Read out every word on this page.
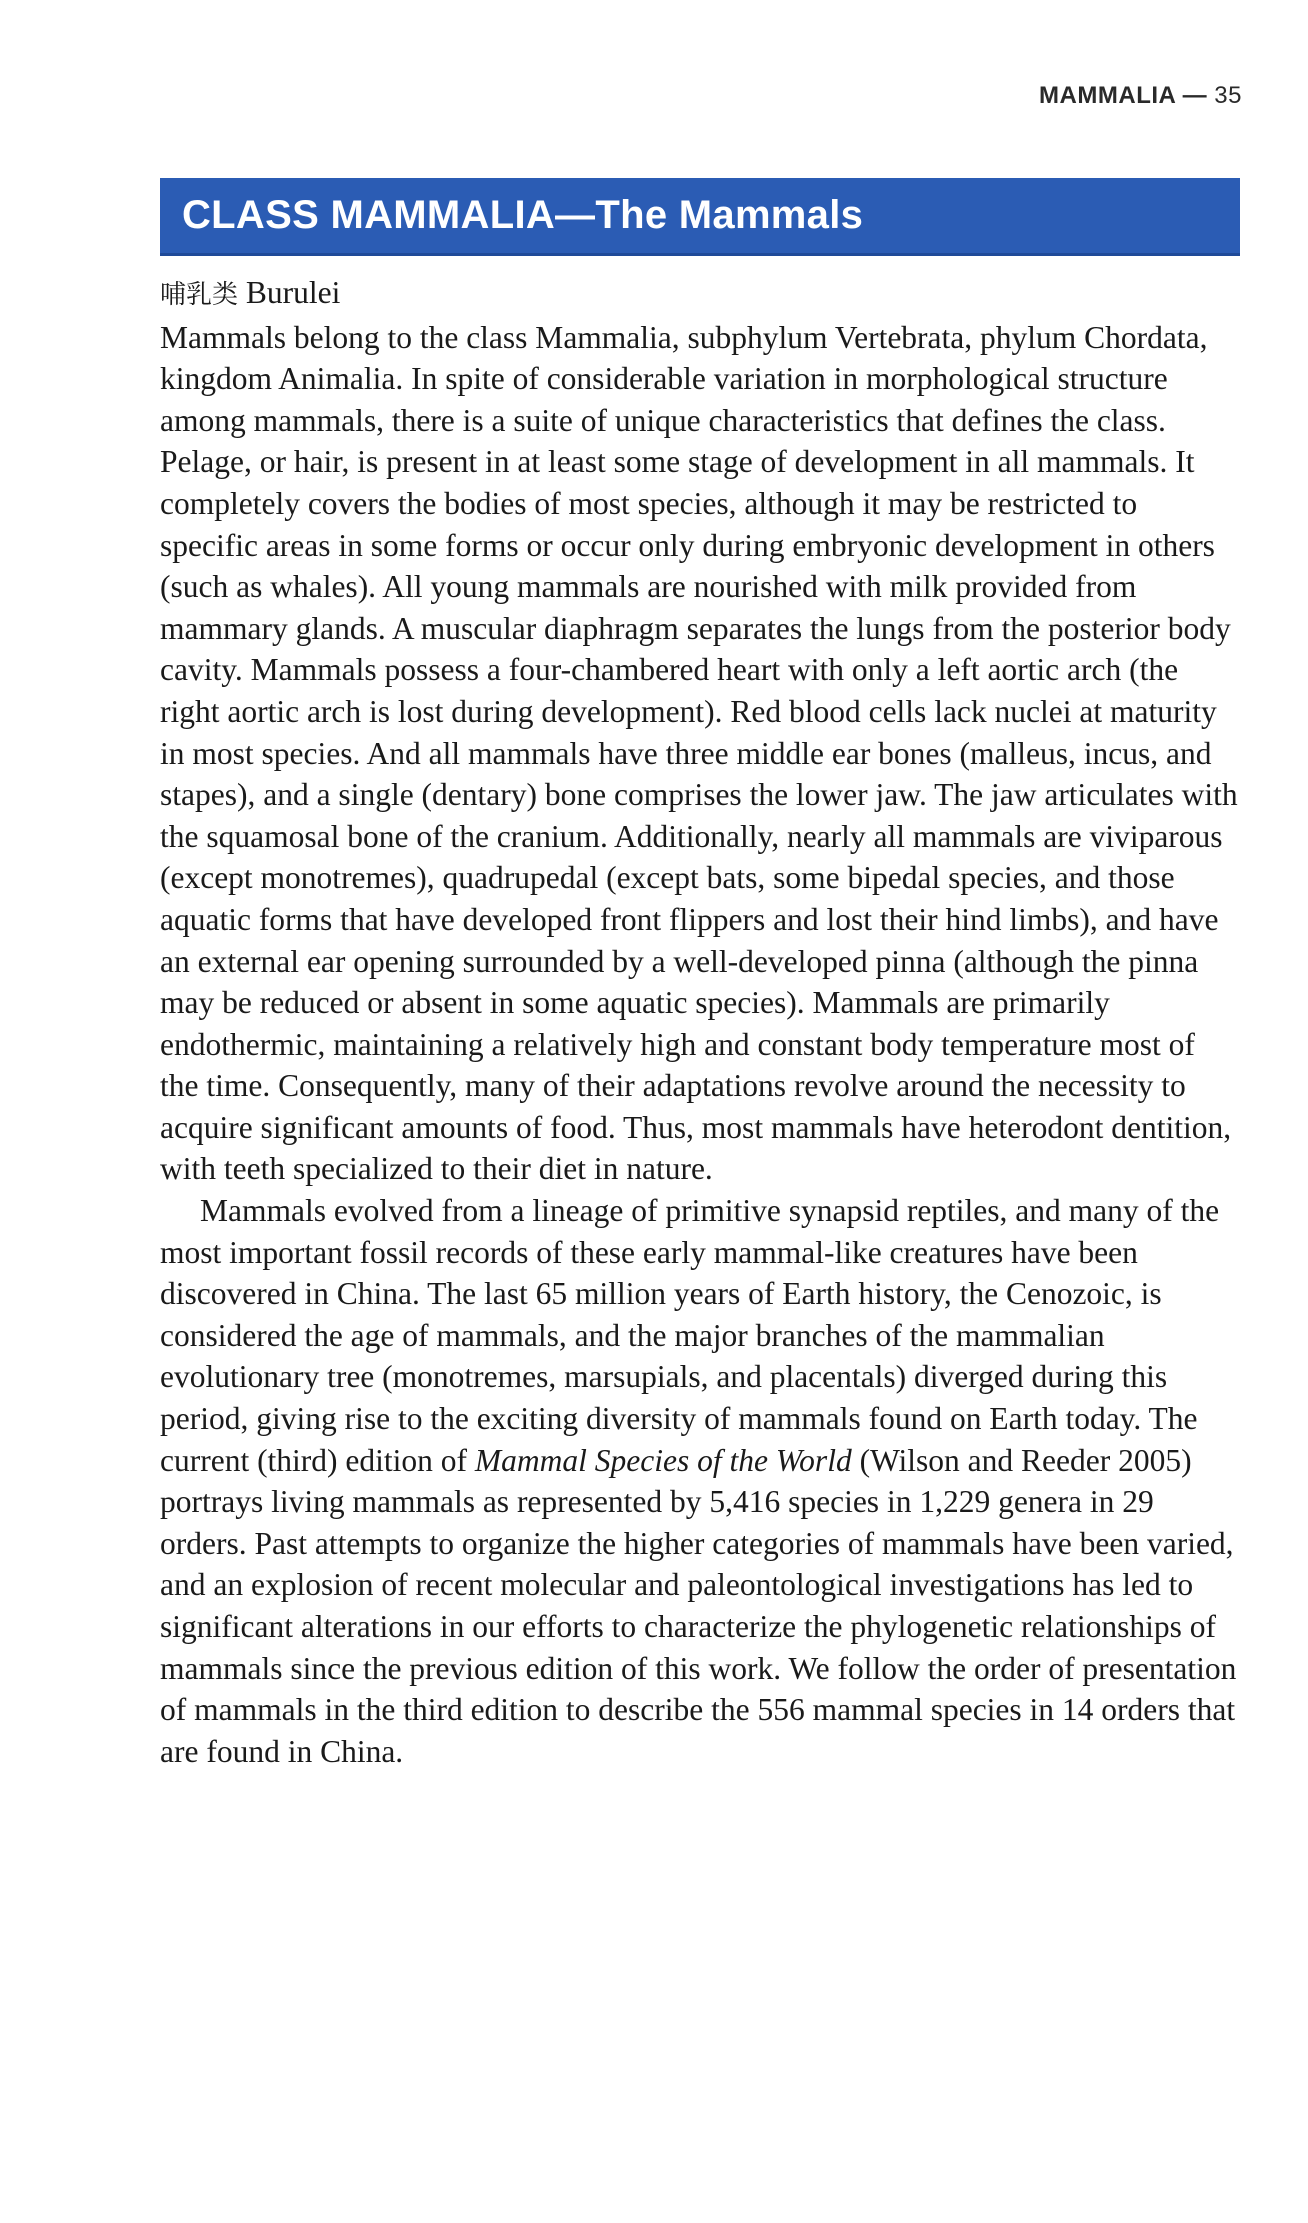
MAMMALIA — 35
CLASS MAMMALIA—The Mammals

哺乳类 Burulei

Mammals belong to the class Mammalia, subphylum Vertebrata, phylum Chordata, kingdom Animalia. In spite of considerable variation in morphological structure among mammals, there is a suite of unique characteristics that defines the class. Pelage, or hair, is present in at least some stage of development in all mammals. It completely covers the bodies of most species, although it may be restricted to specific areas in some forms or occur only during embryonic development in others (such as whales). All young mammals are nourished with milk provided from mammary glands. A muscular diaphragm separates the lungs from the posterior body cavity. Mammals possess a four-chambered heart with only a left aortic arch (the right aortic arch is lost during development). Red blood cells lack nuclei at maturity in most species. And all mammals have three middle ear bones (malleus, incus, and stapes), and a single (dentary) bone comprises the lower jaw. The jaw articulates with the squamosal bone of the cranium. Additionally, nearly all mammals are viviparous (except monotremes), quadrupedal (except bats, some bipedal species, and those aquatic forms that have developed front flippers and lost their hind limbs), and have an external ear opening surrounded by a well-developed pinna (although the pinna may be reduced or absent in some aquatic species). Mammals are primarily endothermic, maintaining a relatively high and constant body temperature most of the time. Consequently, many of their adaptations revolve around the necessity to acquire significant amounts of food. Thus, most mammals have heterodont dentition, with teeth specialized to their diet in nature.

Mammals evolved from a lineage of primitive synapsid reptiles, and many of the most important fossil records of these early mammal-like creatures have been discovered in China. The last 65 million years of Earth history, the Cenozoic, is considered the age of mammals, and the major branches of the mammalian evolutionary tree (monotremes, marsupials, and placentals) diverged during this period, giving rise to the exciting diversity of mammals found on Earth today. The current (third) edition of Mammal Species of the World (Wilson and Reeder 2005) portrays living mammals as represented by 5,416 species in 1,229 genera in 29 orders. Past attempts to organize the higher categories of mammals have been varied, and an explosion of recent molecular and paleontological investigations has led to significant alterations in our efforts to characterize the phylogenetic relationships of mammals since the previous edition of this work. We follow the order of presentation of mammals in the third edition to describe the 556 mammal species in 14 orders that are found in China.
